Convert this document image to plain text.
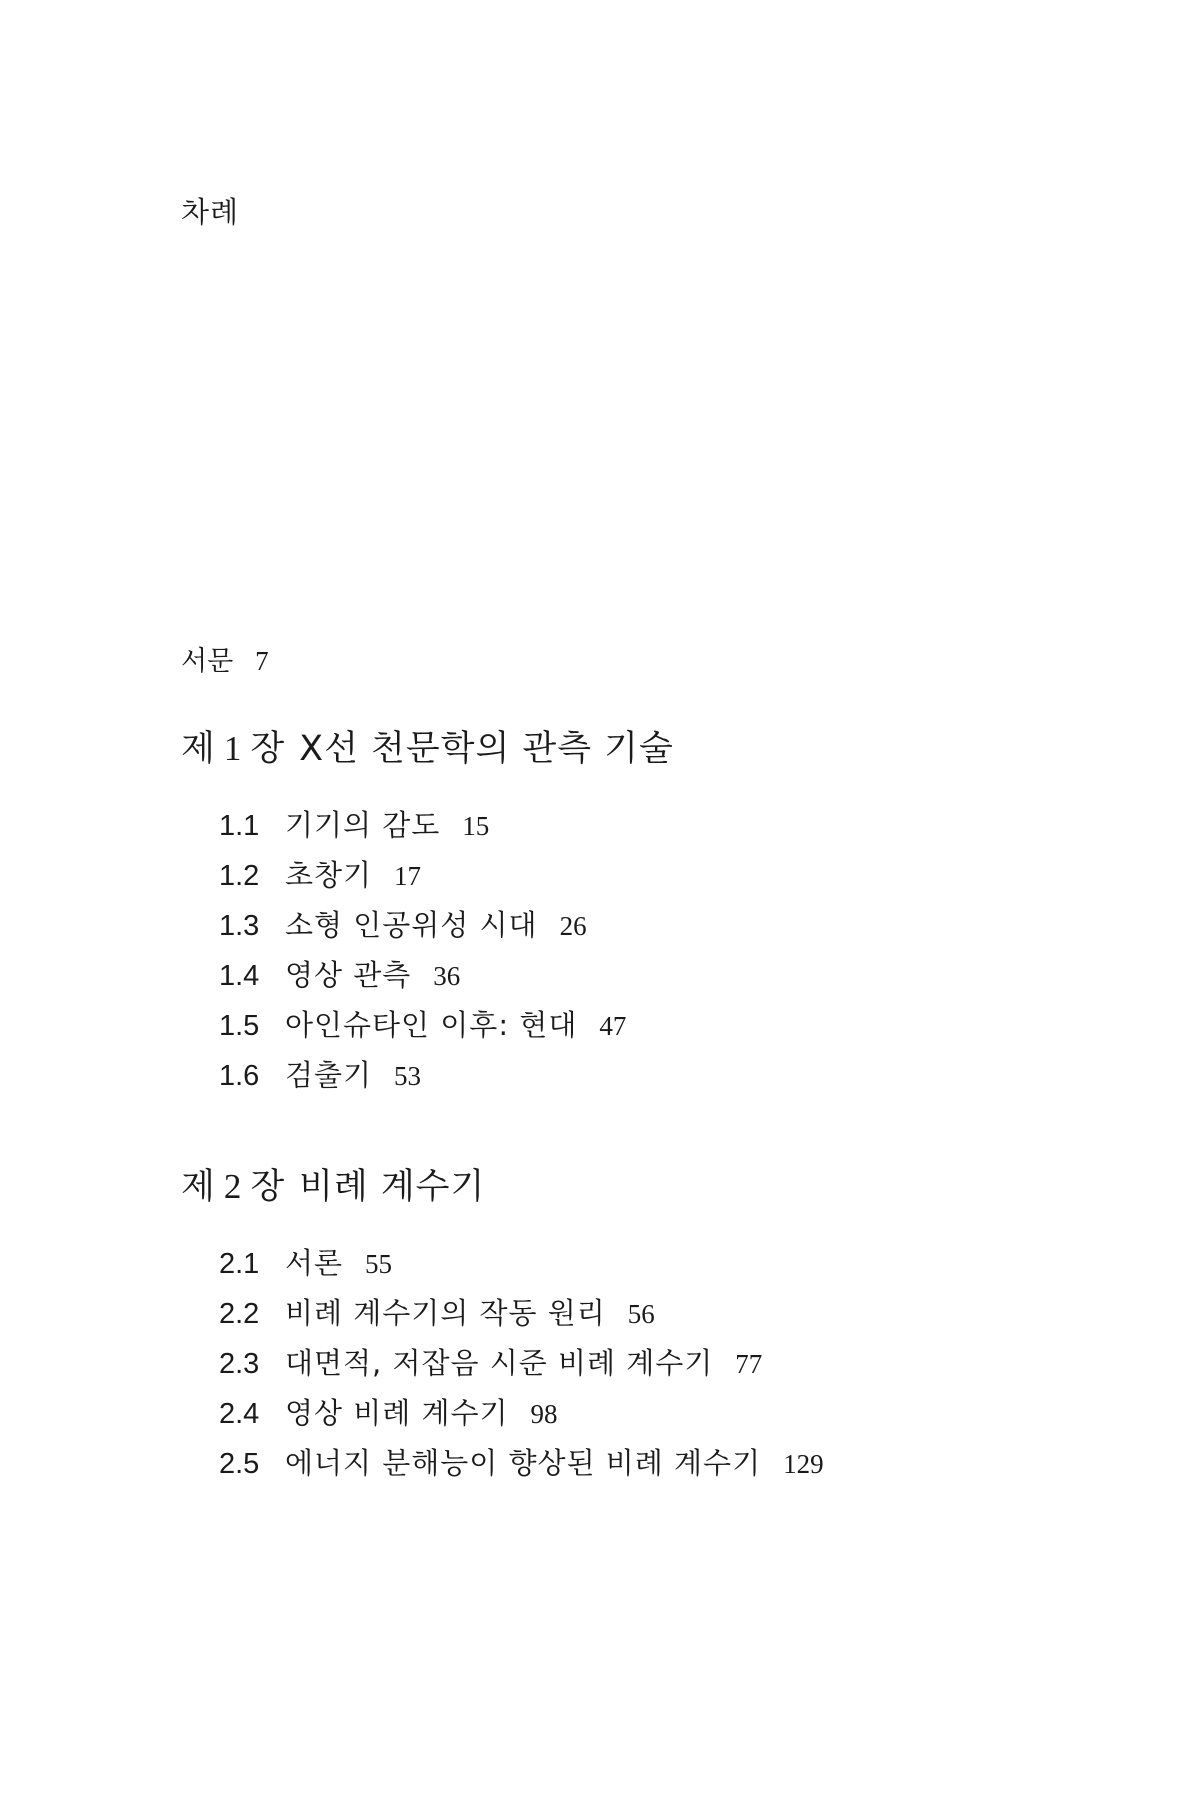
차례
서문 7
제 1 장 X선 천문학의 관측 기술
1.1 기기의 감도 15
1.2 초창기 17
1.3 소형 인공위성 시대 26
1.4 영상 관측 36
1.5 아인슈타인 이후: 현대 47
1.6 검출기 53
제 2 장 비례 계수기
2.1 서론 55
2.2 비례 계수기의 작동 원리 56
2.3 대면적, 저잡음 시준 비례 계수기 77
2.4 영상 비례 계수기 98
2.5 에너지 분해능이 향상된 비례 계수기 129
